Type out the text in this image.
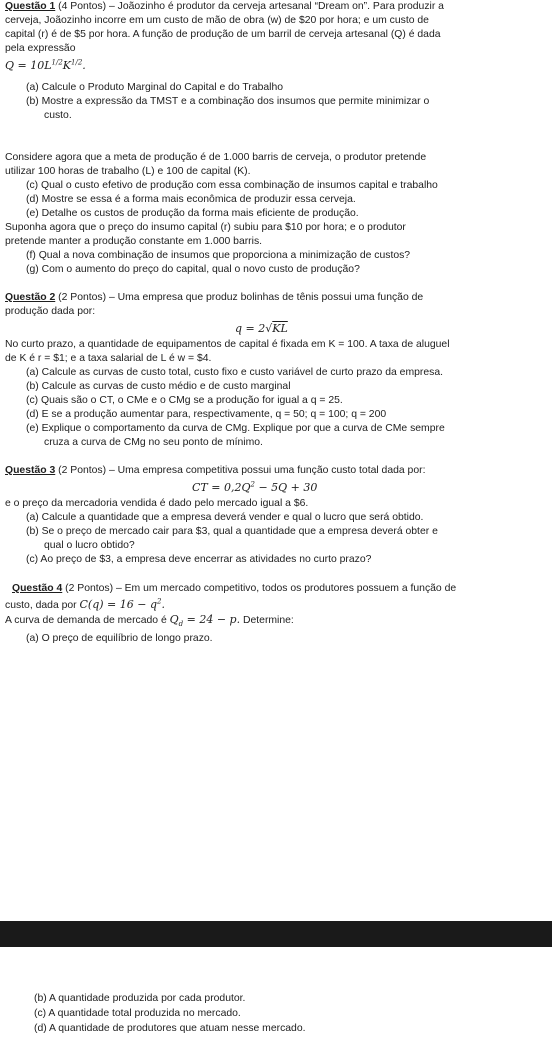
Questão 1 (4 Pontos) – Joãozinho é produtor da cerveja artesanal “Dream on”. Para produzir a
cerveja, Joãozinho incorre em um custo de mão de obra (w) de $20 por hora; e um custo de
capital (r) é de $5 por hora. A função de produção de um barril de cerveja artesanal (Q) é dada
pela expressão
$Q = 10L^{1/2}K^{1/2}$.
(a) Calcule o Produto Marginal do Capital e do Trabalho
(b) Mostre a expressão da TMST e a combinação dos insumos que permite minimizar o
custo.
Considere agora que a meta de produção é de 1.000 barris de cerveja, o produtor pretende
utilizar 100 horas de trabalho (L) e 100 de capital (K).
(c) Qual o custo efetivo de produção com essa combinação de insumos capital e trabalho
(d) Mostre se essa é a forma mais econômica de produzir essa cerveja.
(e) Detalhe os custos de produção da forma mais eficiente de produção.
Suponha agora que o preço do insumo capital (r) subiu para $10 por hora; e o produtor
pretende manter a produção constante em 1.000 barris.
(f) Qual a nova combinação de insumos que proporciona a minimização de custos?
(g) Com o aumento do preço do capital, qual o novo custo de produção?
Questão 2 (2 Pontos) – Uma empresa que produz bolinhas de tênis possui uma função de
produção dada por:
q = 2√KL
No curto prazo, a quantidade de equipamentos de capital é fixada em K = 100. A taxa de aluguel
de K é r = $1; e a taxa salarial de L é w = $4.
(a) Calcule as curvas de custo total, custo fixo e custo variável de curto prazo da empresa.
(b) Calcule as curvas de custo médio e de custo marginal
(c) Quais são o CT, o CMe e o CMg se a produção for igual a q = 25.
(d) E se a produção aumentar para, respectivamente, q = 50; q = 100; q = 200
(e) Explique o comportamento da curva de CMg. Explique por que a curva de CMe sempre
cruza a curva de CMg no seu ponto de mínimo.
Questão 3 (2 Pontos) – Uma empresa competitiva possui uma função custo total dada por:
CT = $0,2Q^2 - 5Q + 30$
e o preço da mercadoria vendida é dado pelo mercado igual a $6.
(a) Calcule a quantidade que a empresa deverá vender e qual o lucro que será obtido.
(b) Se o preço de mercado cair para $3, qual a quantidade que a empresa deverá obter e
qual o lucro obtido?
(c) Ao preço de $3, a empresa deve encerrar as atividades no curto prazo?
Questão 4 (2 Pontos) – Em um mercado competitivo, todos os produtores possuem a função de
custo, dada por $C(q) = 16 - q^2$.
A curva de demanda de mercado é $Q_d = 24 - p$. Determine:
(a) O preço de equilíbrio de longo prazo.
(b) A quantidade produzida por cada produtor.
(c) A quantidade total produzida no mercado.
(d) A quantidade de produtores que atuam nesse mercado.
